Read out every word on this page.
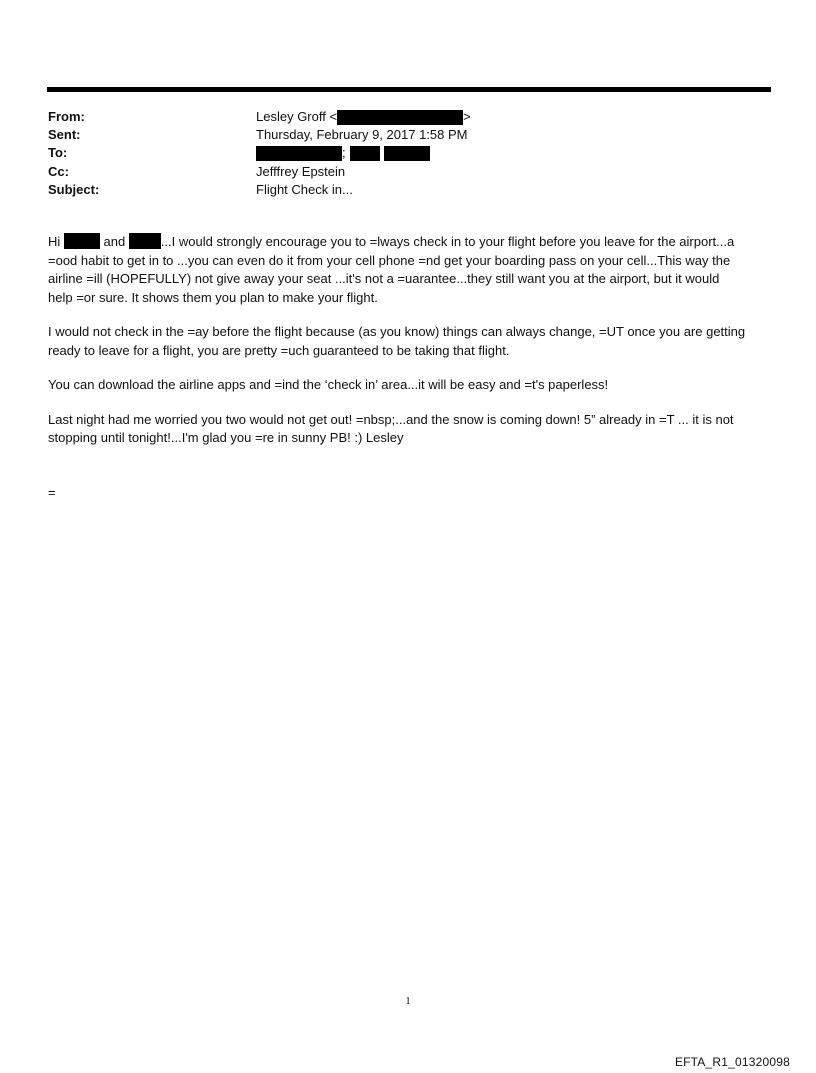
From:	Lesley Groff <	>
Sent:	Thursday, February 9, 2017 1:58 PM
To:	;
Cc:	Jefffrey Epstein
Subject:	Flight Check in...

Hi	and ...I would strongly encourage you to =lways check in to your flight before you leave for the airport...a
=ood habit to get in to ...you can even do it from your cell phone =nd get your boarding pass on your cell...This way the
airline =ill (HOPEFULLY) not give away your seat ...it's not a =uarantee...they still want you at the airport, but it would
help =or sure. It shows them you plan to make your flight.

I would not check in the =ay before the flight because (as you know) things can always change, =UT once you are getting
ready to leave for a flight, you are pretty =uch guaranteed to be taking that flight.

You can download the airline apps and =ind the ‘check in’ area...it will be easy and =t's paperless!

Last night had me worried you two would not get out! =nbsp;...and the snow is coming down! 5” already in =T ... it is not
stopping until tonight!...I'm glad you =re in sunny PB! :) Lesley

=
1
EFTA_R1_01320098
